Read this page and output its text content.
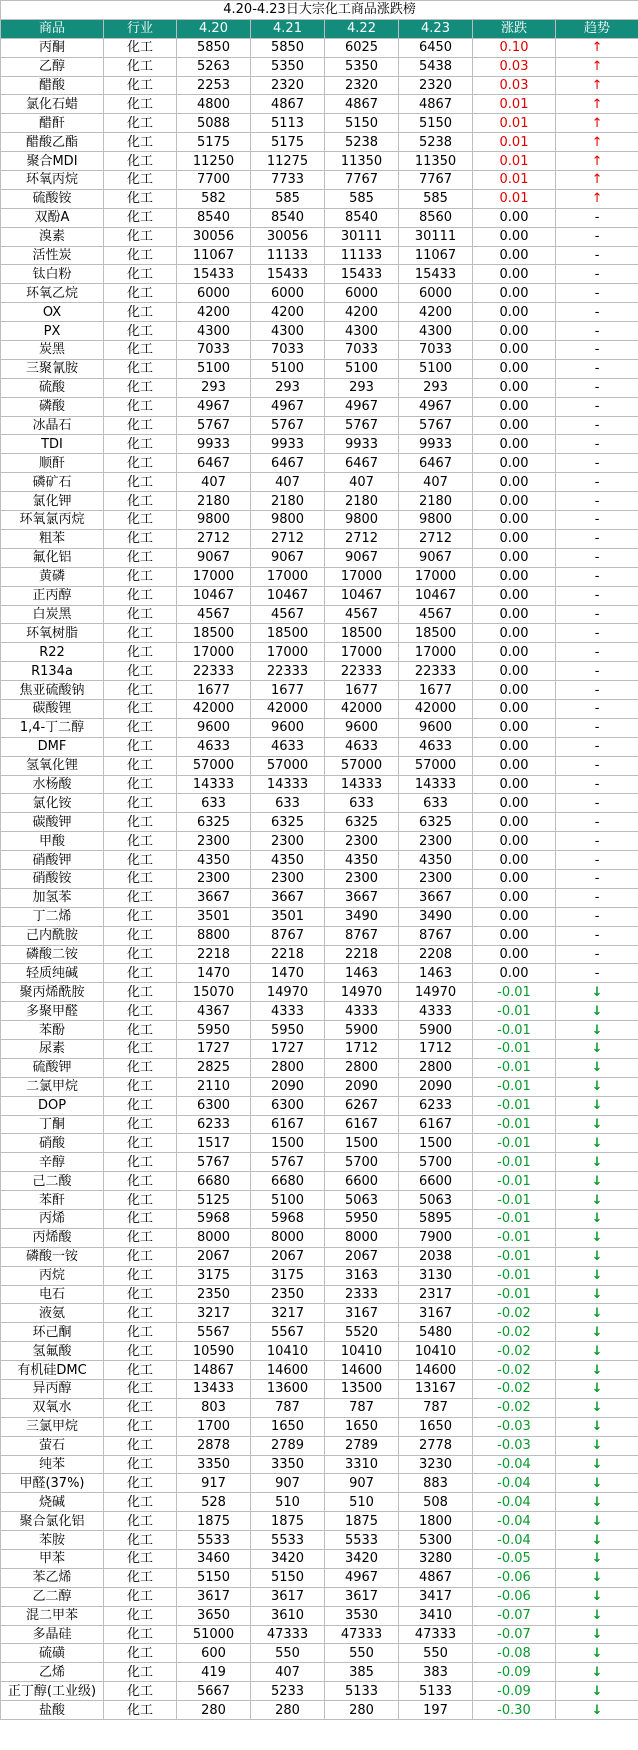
4.20-4.23日大宗化工商品涨跌榜							
商品	行业	4.20	4.21	4.22	4.23	涨跌	趋势
丙酮	化工	5850	5850	6025	6450	0.10	↑
乙醇	化工	5263	5350	5350	5438	0.03	↑
醋酸	化工	2253	2320	2320	2320	0.03	↑
氯化石蜡	化工	4800	4867	4867	4867	0.01	↑
醋酐	化工	5088	5113	5150	5150	0.01	↑
醋酸乙酯	化工	5175	5175	5238	5238	0.01	↑
聚合MDI	化工	11250	11275	11350	11350	0.01	↑
环氧丙烷	化工	7700	7733	7767	7767	0.01	↑
硫酸铵	化工	582	585	585	585	0.01	↑
双酚A	化工	8540	8540	8540	8560	0.00	-
溴素	化工	30056	30056	30111	30111	0.00	-
活性炭	化工	11067	11133	11133	11067	0.00	-
钛白粉	化工	15433	15433	15433	15433	0.00	-
环氧乙烷	化工	6000	6000	6000	6000	0.00	-
OX	化工	4200	4200	4200	4200	0.00	-
PX	化工	4300	4300	4300	4300	0.00	-
炭黑	化工	7033	7033	7033	7033	0.00	-
三聚氰胺	化工	5100	5100	5100	5100	0.00	-
硫酸	化工	293	293	293	293	0.00	-
磷酸	化工	4967	4967	4967	4967	0.00	-
冰晶石	化工	5767	5767	5767	5767	0.00	-
TDI	化工	9933	9933	9933	9933	0.00	-
顺酐	化工	6467	6467	6467	6467	0.00	-
磷矿石	化工	407	407	407	407	0.00	-
氯化钾	化工	2180	2180	2180	2180	0.00	-
环氧氯丙烷	化工	9800	9800	9800	9800	0.00	-
粗苯	化工	2712	2712	2712	2712	0.00	-
氟化铝	化工	9067	9067	9067	9067	0.00	-
黄磷	化工	17000	17000	17000	17000	0.00	-
正丙醇	化工	10467	10467	10467	10467	0.00	-
白炭黑	化工	4567	4567	4567	4567	0.00	-
环氧树脂	化工	18500	18500	18500	18500	0.00	-
R22	化工	17000	17000	17000	17000	0.00	-
R134a	化工	22333	22333	22333	22333	0.00	-
焦亚硫酸钠	化工	1677	1677	1677	1677	0.00	-
碳酸锂	化工	42000	42000	42000	42000	0.00	-
1,4-丁二醇	化工	9600	9600	9600	9600	0.00	-
DMF	化工	4633	4633	4633	4633	0.00	-
氢氧化锂	化工	57000	57000	57000	57000	0.00	-
水杨酸	化工	14333	14333	14333	14333	0.00	-
氯化铵	化工	633	633	633	633	0.00	-
碳酸钾	化工	6325	6325	6325	6325	0.00	-
甲酸	化工	2300	2300	2300	2300	0.00	-
硝酸钾	化工	4350	4350	4350	4350	0.00	-
硝酸铵	化工	2300	2300	2300	2300	0.00	-
加氢苯	化工	3667	3667	3667	3667	0.00	-
丁二烯	化工	3501	3501	3490	3490	0.00	-
己内酰胺	化工	8800	8767	8767	8767	0.00	-
磷酸二铵	化工	2218	2218	2218	2208	0.00	-
轻质纯碱	化工	1470	1470	1463	1463	0.00	-
聚丙烯酰胺	化工	15070	14970	14970	14970	-0.01	↓
多聚甲醛	化工	4367	4333	4333	4333	-0.01	↓
苯酚	化工	5950	5950	5900	5900	-0.01	↓
尿素	化工	1727	1727	1712	1712	-0.01	↓
硫酸钾	化工	2825	2800	2800	2800	-0.01	↓
二氯甲烷	化工	2110	2090	2090	2090	-0.01	↓
DOP	化工	6300	6300	6267	6233	-0.01	↓
丁酮	化工	6233	6167	6167	6167	-0.01	↓
硝酸	化工	1517	1500	1500	1500	-0.01	↓
辛醇	化工	5767	5767	5700	5700	-0.01	↓
己二酸	化工	6680	6680	6600	6600	-0.01	↓
苯酐	化工	5125	5100	5063	5063	-0.01	↓
丙烯	化工	5968	5968	5950	5895	-0.01	↓
丙烯酸	化工	8000	8000	8000	7900	-0.01	↓
磷酸一铵	化工	2067	2067	2067	2038	-0.01	↓
丙烷	化工	3175	3175	3163	3130	-0.01	↓
电石	化工	2350	2350	2333	2317	-0.01	↓
液氨	化工	3217	3217	3167	3167	-0.02	↓
环己酮	化工	5567	5567	5520	5480	-0.02	↓
氢氟酸	化工	10590	10410	10410	10410	-0.02	↓
有机硅DMC	化工	14867	14600	14600	14600	-0.02	↓
异丙醇	化工	13433	13600	13500	13167	-0.02	↓
双氧水	化工	803	787	787	787	-0.02	↓
三氯甲烷	化工	1700	1650	1650	1650	-0.03	↓
萤石	化工	2878	2789	2789	2778	-0.03	↓
纯苯	化工	3350	3350	3310	3230	-0.04	↓
甲醛(37%)	化工	917	907	907	883	-0.04	↓
烧碱	化工	528	510	510	508	-0.04	↓
聚合氯化铝	化工	1875	1875	1875	1800	-0.04	↓
苯胺	化工	5533	5533	5533	5300	-0.04	↓
甲苯	化工	3460	3420	3420	3280	-0.05	↓
苯乙烯	化工	5150	5150	4967	4867	-0.06	↓
乙二醇	化工	3617	3617	3617	3417	-0.06	↓
混二甲苯	化工	3650	3610	3530	3410	-0.07	↓
多晶硅	化工	51000	47333	47333	47333	-0.07	↓
硫磺	化工	600	550	550	550	-0.08	↓
乙烯	化工	419	407	385	383	-0.09	↓
正丁醇(工业级)	化工	5667	5233	5133	5133	-0.09	↓
盐酸	化工	280	280	280	197	-0.30	↓
